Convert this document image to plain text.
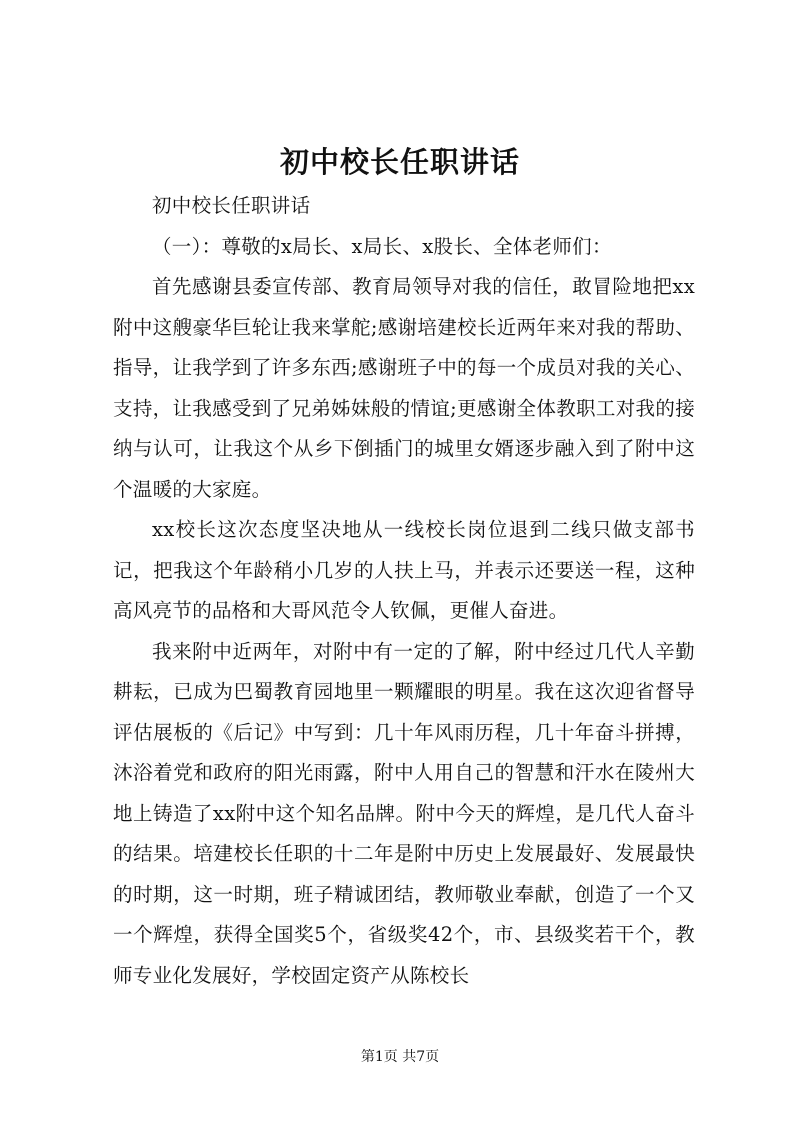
初中校长任职讲话

初中校长任职讲话

（一）：尊敬的x局长、x局长、x股长、全体老师们：

首先感谢县委宣传部、教育局领导对我的信任，敢冒险地把xx附中这艘豪华巨轮让我来掌舵;感谢培建校长近两年来对我的帮助、指导，让我学到了许多东西;感谢班子中的每一个成员对我的关心、支持，让我感受到了兄弟姊妹般的情谊;更感谢全体教职工对我的接纳与认可，让我这个从乡下倒插门的城里女婿逐步融入到了附中这个温暖的大家庭。

xx校长这次态度坚决地从一线校长岗位退到二线只做支部书记，把我这个年龄稍小几岁的人扶上马，并表示还要送一程，这种高风亮节的品格和大哥风范令人钦佩，更催人奋进。

我来附中近两年，对附中有一定的了解，附中经过几代人辛勤耕耘，已成为巴蜀教育园地里一颗耀眼的明星。我在这次迎省督导评估展板的《后记》中写到：几十年风雨历程，几十年奋斗拼搏，沐浴着党和政府的阳光雨露，附中人用自己的智慧和汗水在陵州大地上铸造了xx附中这个知名品牌。附中今天的辉煌，是几代人奋斗的结果。培建校长任职的十二年是附中历史上发展最好、发展最快的时期，这一时期，班子精诚团结，教师敬业奉献，创造了一个又一个辉煌，获得全国奖5个，省级奖42个，市、县级奖若干个，教师专业化发展好，学校固定资产从陈校长

第1页 共7页
